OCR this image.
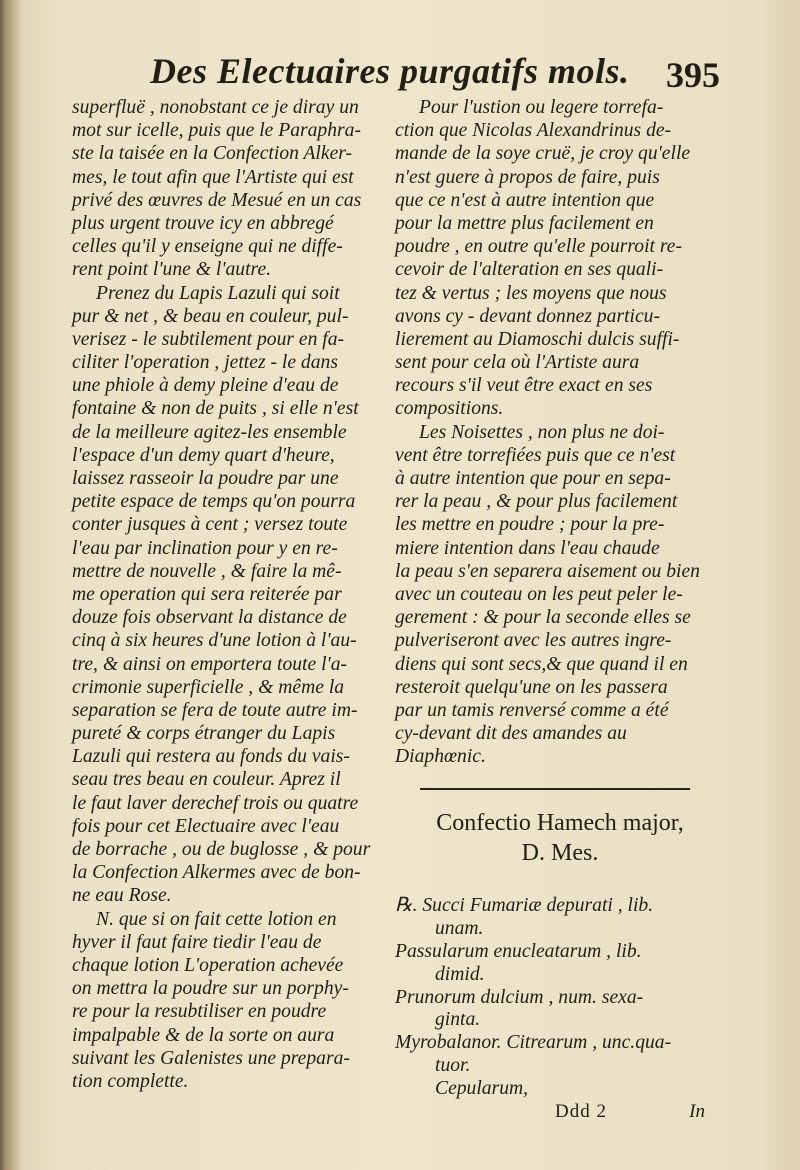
Des Electuaires purgatifs mols. 395
superfluë , nonobstant ce je diray un
mot sur icelle, puis que le Paraphra-
ste la taisée en la Confection Alker-
mes, le tout afin que l'Artiste qui est
privé des œuvres de Mesué en un cas
plus urgent trouve icy en abbregé
celles qu'il y enseigne qui ne diffe-
rent point l'une & l'autre.
Prenez du Lapis Lazuli qui soit
pur & net , & beau en couleur, pul-
verisez - le subtilement pour en fa-
ciliter l'operation , jettez - le dans
une phiole à demy pleine d'eau de
fontaine & non de puits , si elle n'est
de la meilleure agitez-les ensemble
l'espace d'un demy quart d'heure,
laissez rasseoir la poudre par une
petite espace de temps qu'on pourra
conter jusques à cent ; versez toute
l'eau par inclination pour y en re-
mettre de nouvelle , & faire la mê-
me operation qui sera reiterée par
douze fois observant la distance de
cinq à six heures d'une lotion à l'au-
tre, & ainsi on emportera toute l'a-
crimonie superficielle , & même la
separation se fera de toute autre im-
pureté & corps étranger du Lapis
Lazuli qui restera au fonds du vais-
seau tres beau en couleur. Aprez il
le faut laver derechef trois ou quatre
fois pour cet Electuaire avec l'eau
de borrache , ou de buglosse , & pour
la Confection Alkermes avec de bon-
ne eau Rose.
N. que si on fait cette lotion en
hyver il faut faire tiedir l'eau de
chaque lotion L'operation achevée
on mettra la poudre sur un porphy-
re pour la resubtiliser en poudre
impalpable & de la sorte on aura
suivant les Galenistes une prepara-
tion complette.
Pour l'ustion ou legere torrefa-
ction que Nicolas Alexandrinus de-
mande de la soye cruë, je croy qu'elle
n'est guere à propos de faire, puis
que ce n'est à autre intention que
pour la mettre plus facilement en
poudre , en outre qu'elle pourroit re-
cevoir de l'alteration en ses quali-
tez & vertus ; les moyens que nous
avons cy - devant donnez particu-
lierement au Diamoschi dulcis suffi-
sent pour cela où l'Artiste aura
recours s'il veut être exact en ses
compositions.
Les Noisettes , non plus ne doi-
vent être torrefiées puis que ce n'est
à autre intention que pour en sepa-
rer la peau , & pour plus facilement
les mettre en poudre ; pour la pre-
miere intention dans l'eau chaude
la peau s'en separera aisement ou bien
avec un couteau on les peut peler le-
gerement : & pour la seconde elles se
pulveriseront avec les autres ingre-
diens qui sont secs,& que quand il en
resteroit quelqu'une on les passera
par un tamis renversé comme a été
cy-devant dit des amandes au
Diaphœnic.
Confectio Hamech major,
D. Mes.
℞. Succi Fumariæ depurati , lib.
unam.
Passularum enucleatarum , lib.
dimid.
Prunorum dulcium , num. sexa-
ginta.
Myrobalanor. Citrearum , unc.qua-
tuor.
Cepularum,
Ddd 2	In
